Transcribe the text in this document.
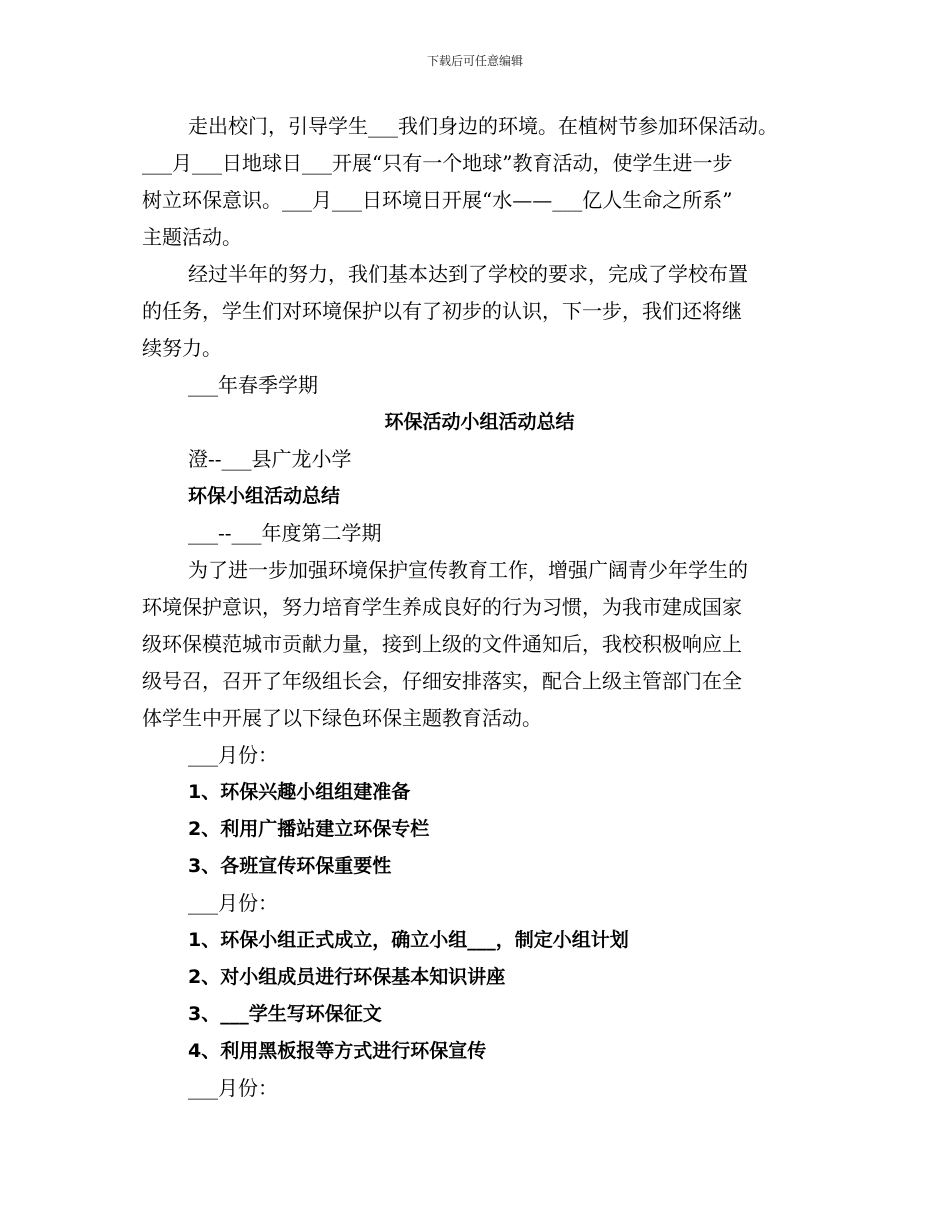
下载后可任意编辑
走出校门，引导学生___我们身边的环境。在植树节参加环保活动。
___月___日地球日___开展“只有一个地球”教育活动，使学生进一步
树立环保意识。___月___日环境日开展“水——___亿人生命之所系”
主题活动。
经过半年的努力，我们基本达到了学校的要求，完成了学校布置
的任务，学生们对环境保护以有了初步的认识，下一步，我们还将继
续努力。
___年春季学期
环保活动小组活动总结
澄--___县广龙小学
环保小组活动总结
___--___年度第二学期
为了进一步加强环境保护宣传教育工作，增强广阔青少年学生的
环境保护意识，努力培育学生养成良好的行为习惯，为我市建成国家
级环保模范城市贡献力量，接到上级的文件通知后，我校积极响应上
级号召，召开了年级组长会，仔细安排落实，配合上级主管部门在全
体学生中开展了以下绿色环保主题教育活动。
___月份：
1、环保兴趣小组组建准备
2、利用广播站建立环保专栏
3、各班宣传环保重要性
___月份：
1、环保小组正式成立，确立小组___，制定小组计划
2、对小组成员进行环保基本知识讲座
3、___学生写环保征文
4、利用黑板报等方式进行环保宣传
___月份：
